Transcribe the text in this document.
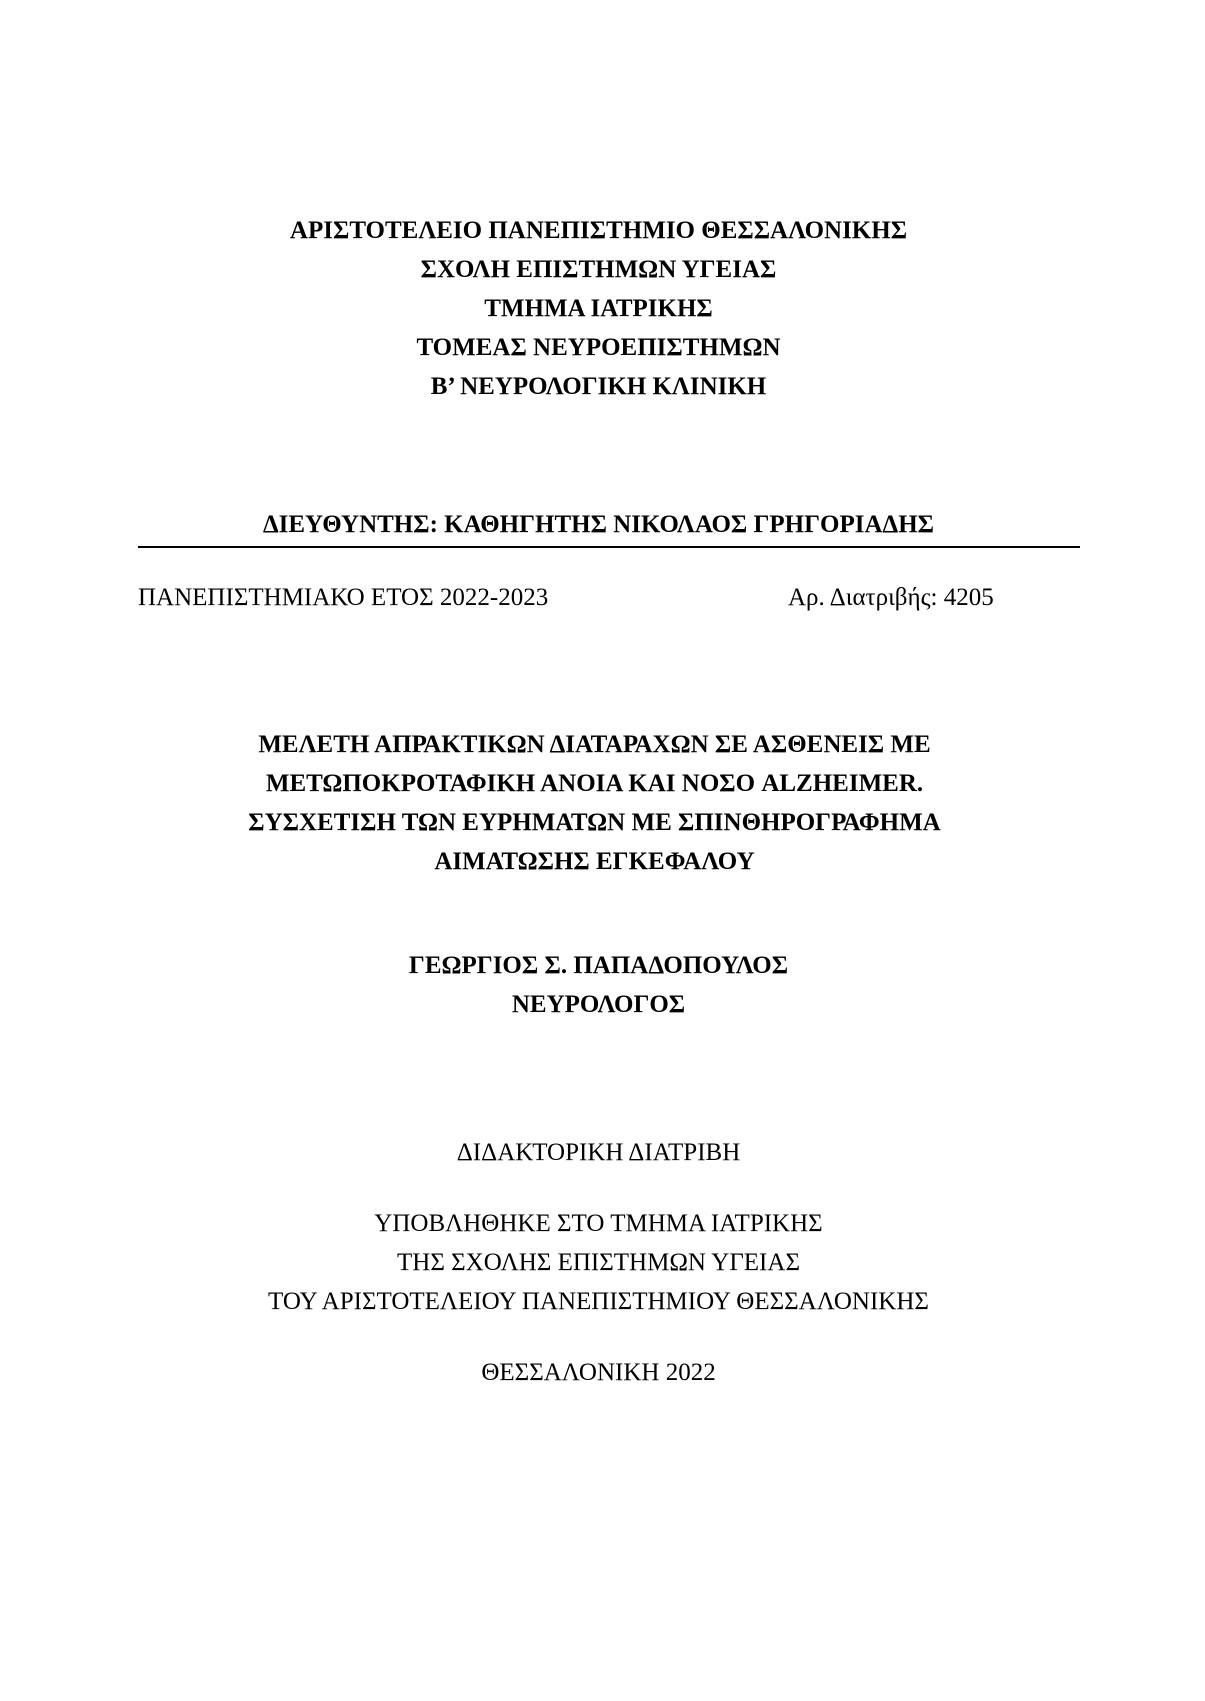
ΑΡΙΣΤΟΤΕΛΕΙΟ ΠΑΝΕΠΙΣΤΗΜΙΟ ΘΕΣΣΑΛΟΝΙΚΗΣ
ΣΧΟΛΗ ΕΠΙΣΤΗΜΩΝ ΥΓΕΙΑΣ
ΤΜΗΜΑ ΙΑΤΡΙΚΗΣ
ΤΟΜΕΑΣ ΝΕΥΡΟΕΠΙΣΤΗΜΩΝ
Β’ ΝΕΥΡΟΛΟΓΙΚΗ ΚΛΙΝΙΚΗ
ΔΙΕΥΘΥΝΤΗΣ: ΚΑΘΗΓΗΤΗΣ ΝΙΚΟΛΑΟΣ ΓΡΗΓΟΡΙΑΔΗΣ
ΠΑΝΕΠΙΣΤΗΜΙΑΚΟ ΕΤΟΣ 2022-2023	Αρ. Διατριβής: 4205
ΜΕΛΕΤΗ ΑΠΡΑΚΤΙΚΩΝ ΔΙΑΤΑΡΑΧΩΝ ΣΕ ΑΣΘΕΝΕΙΣ ΜΕ
ΜΕΤΩΠΟΚΡΟΤΑΦΙΚΗ ΑΝΟΙΑ ΚΑΙ ΝΟΣΟ ALZHEIMER.
ΣΥΣΧΕΤΙΣΗ ΤΩΝ ΕΥΡΗΜΑΤΩΝ ΜΕ ΣΠΙΝΘΗΡΟΓΡΑΦΗΜΑ
ΑΙΜΑΤΩΣΗΣ ΕΓΚΕΦΑΛΟΥ
ΓΕΩΡΓΙΟΣ Σ. ΠΑΠΑΔΟΠΟΥΛΟΣ
ΝΕΥΡΟΛΟΓΟΣ
ΔΙΔΑΚΤΟΡΙΚΗ ΔΙΑΤΡΙΒΗ
ΥΠΟΒΛΗΘΗΚΕ ΣΤΟ ΤΜΗΜΑ ΙΑΤΡΙΚΗΣ
ΤΗΣ ΣΧΟΛΗΣ ΕΠΙΣΤΗΜΩΝ ΥΓΕΙΑΣ
ΤΟΥ ΑΡΙΣΤΟΤΕΛΕΙΟΥ ΠΑΝΕΠΙΣΤΗΜΙΟΥ ΘΕΣΣΑΛΟΝΙΚΗΣ
ΘΕΣΣΑΛΟΝΙΚΗ 2022
